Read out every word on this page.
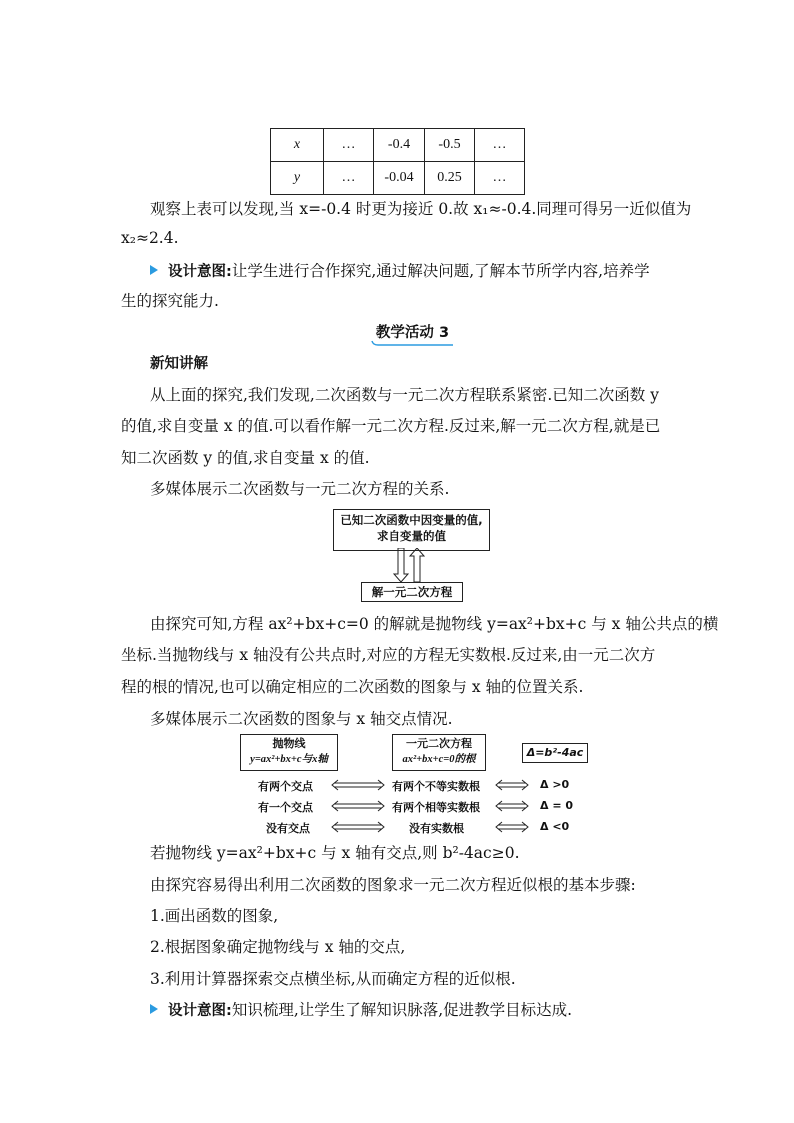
x	…	-0.4	-0.5	…
y	…	-0.04	0.25	…
观察上表可以发现,当 x=-0.4 时更为接近 0.故 x₁≈-0.4.同理可得另一近似值为
x₂≈2.4.
设计意图:让学生进行合作探究,通过解决问题,了解本节所学内容,培养学
生的探究能力.
教学活动 3
新知讲解
从上面的探究,我们发现,二次函数与一元二次方程联系紧密.已知二次函数 y
的值,求自变量 x 的值.可以看作解一元二次方程.反过来,解一元二次方程,就是已
知二次函数 y 的值,求自变量 x 的值.
多媒体展示二次函数与一元二次方程的关系.
已知二次函数中因变量的值,
求自变量的值
解一元二次方程
由探究可知,方程 ax²+bx+c=0 的解就是抛物线 y=ax²+bx+c 与 x 轴公共点的横
坐标.当抛物线与 x 轴没有公共点时,对应的方程无实数根.反过来,由一元二次方
程的根的情况,也可以确定相应的二次函数的图象与 x 轴的位置关系.
多媒体展示二次函数的图象与 x 轴交点情况.
抛物线
y=ax²+bx+c与x轴
一元二次方程
ax²+bx+c=0的根
Δ=b²-4ac
有两个交点	有两个不等实数根	Δ >0
有一个交点	有两个相等实数根	Δ = 0
没有交点	没有实数根	Δ <0
若抛物线 y=ax²+bx+c 与 x 轴有交点,则 b²-4ac≥0.
由探究容易得出利用二次函数的图象求一元二次方程近似根的基本步骤:
1.画出函数的图象,
2.根据图象确定抛物线与 x 轴的交点,
3.利用计算器探索交点横坐标,从而确定方程的近似根.
设计意图:知识梳理,让学生了解知识脉落,促进教学目标达成.
